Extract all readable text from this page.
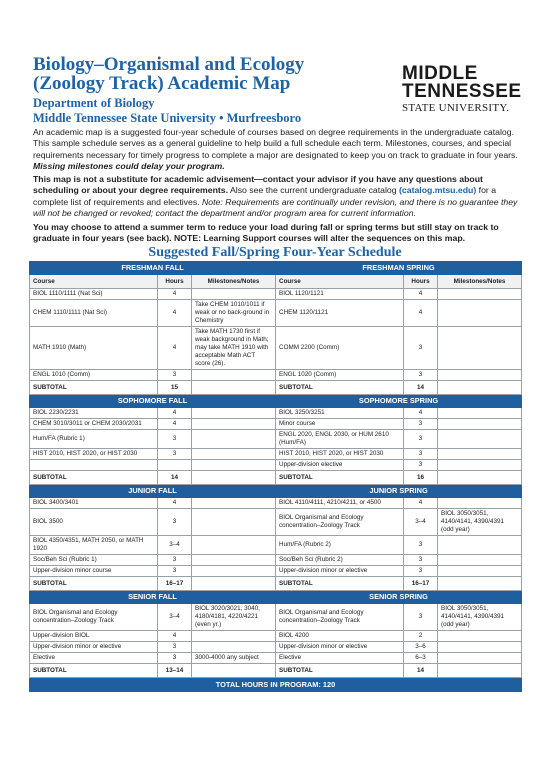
Biology–Organismal and Ecology
(Zoology Track) Academic Map
Department of Biology
Middle Tennessee State University • Murfreesboro
MIDDLE
TENNESSEE
STATE UNIVERSITY.

An academic map is a suggested four-year schedule of courses based on degree requirements in the undergraduate catalog. This sample schedule serves as a general guideline to help build a full schedule each term. Milestones, courses, and special requirements necessary for timely progress to complete a major are designated to keep you on track to graduate in four years. Missing milestones could delay your program.

This map is not a substitute for academic advisement—contact your advisor if you have any questions about scheduling or about your degree requirements. Also see the current undergraduate catalog (catalog.mtsu.edu) for a complete list of requirements and electives. Note: Requirements are continually under revision, and there is no guarantee they will not be changed or revoked; contact the department and/or program area for current information.

You may choose to attend a summer term to reduce your load during fall or spring terms but still stay on track to graduate in four years (see back). NOTE: Learning Support courses will alter the sequences on this map.

Suggested Fall/Spring Four-Year Schedule
FRESHMAN FALL			FRESHMAN SPRING		
Course	Hours	Milestones/Notes	Course	Hours	Milestones/Notes
BIOL 1110/1111 (Nat Sci)	4		BIOL 1120/1121	4	
CHEM 1110/1111 (Nat Sci)	4	Take CHEM 1010/1011 if weak or no back-ground in Chemistry	CHEM 1120/1121	4	
MATH 1910 (Math)	4	Take MATH 1730 first if weak background in Math; may take MATH 1910 with acceptable Math ACT score (26).	COMM 2200 (Comm)	3	
ENGL 1010 (Comm)	3		ENGL 1020 (Comm)	3	
SUBTOTAL	15		SUBTOTAL	14	
SOPHOMORE FALL			SOPHOMORE SPRING		
BIOL 2230/2231	4		BIOL 3250/3251	4	
CHEM 3010/3011 or CHEM 2030/2031	4		Minor course	3	
Hum/FA (Rubric 1)	3		ENGL 2020, ENGL 2030, or HUM 2610 (Hum/FA)	3	
HIST 2010, HIST 2020, or HIST 2030	3		HIST 2010, HIST 2020, or HIST 2030	3	
			Upper-division elective	3	
SUBTOTAL	14		SUBTOTAL	16	
JUNIOR FALL			JUNIOR SPRING		
BIOL 3400/3401	4		BIOL 4110/4111, 4210/4211, or 4500	4	
BIOL 3500	3		BIOL Organismal and Ecology concentration–Zoology Track	3–4	BIOL 3050/3051, 4140/4141, 4390/4391 (odd year)
BIOL 4350/4351, MATH 2050, or MATH 1920	3–4		Hum/FA (Rubric 2)	3	
Soc/Beh Sci (Rubric 1)	3		Soc/Beh Sci (Rubric 2)	3	
Upper-division minor course	3		Upper-division minor or elective	3	
SUBTOTAL	16–17		SUBTOTAL	16–17	
SENIOR FALL			SENIOR SPRING		
BIOL Organismal and Ecology concentration–Zoology Track	3–4	BIOL 3020/3021, 3040, 4180/4181, 4220/4221 (even yr.)	BIOL Organismal and Ecology concentration–Zoology Track	3	BIOL 3050/3051, 4140/4141, 4390/4391 (odd year)
Upper-division BIOL	4		BIOL 4200	2	
Upper-division minor or elective	3		Upper-division minor or elective	3–6	
Elective	3	3000-4000 any subject	Elective	6–3	
SUBTOTAL	13–14		SUBTOTAL	14	
TOTAL HOURS IN PROGRAM: 120					
